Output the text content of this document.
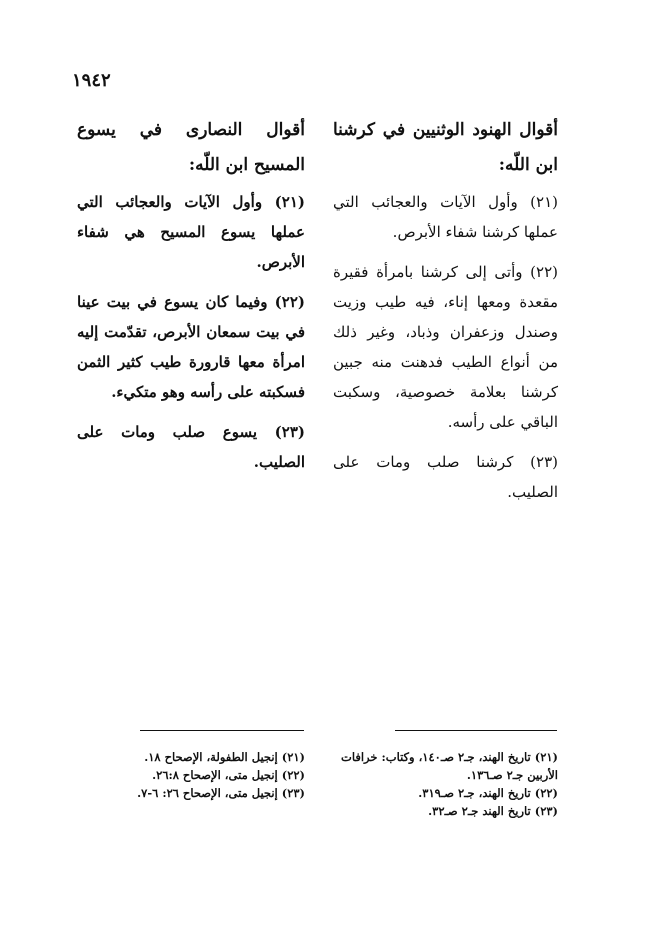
١٩٤٢
أقوال الهنود الوثنيين في كرشنا ابن اللّه:

(٢١) وأول الآيات والعجائب التي عملها كرشنا شفاء الأبرص.

(٢٢) وأتى إلى كرشنا بامرأة فقيرة مقعدة ومعها إناء، فيه طيب وزيت وصندل وزعفران وذباد، وغير ذلك من أنواع الطيب فدهنت منه جبين كرشنا بعلامة خصوصية، وسكبت الباقي على رأسه.

(٢٣) كرشنا صلب ومات على الصليب.

أقوال النصارى في يسوع المسيح ابن اللّه:

(٢١) وأول الآيات والعجائب التي عملها يسوع المسيح هي شفاء الأبرص.

(٢٢) وفيما كان يسوع في بيت عينا في بيت سمعان الأبرص، تقدّمت إليه امرأة معها قارورة طيب كثير الثمن فسكبته على رأسه وهو متكيء.

(٢٣) يسوع صلب ومات على الصليب.

(٢١) تاريخ الهند، جـ٢ صـ١٤٠، وكتاب: خرافات الأربين جـ٢ صـ١٣٦.

(٢٢) تاريخ الهند، جـ٢ صـ٣١٩.

(٢٣) تاريخ الهند جـ٢ صـ٣٢.

(٢١) إنجيل الطفولة، الإصحاح ١٨.

(٢٢) إنجيل متى، الإصحاح ٢٦:٨.

(٢٣) إنجيل متى، الإصحاح ٢٦: ٦-٧.
